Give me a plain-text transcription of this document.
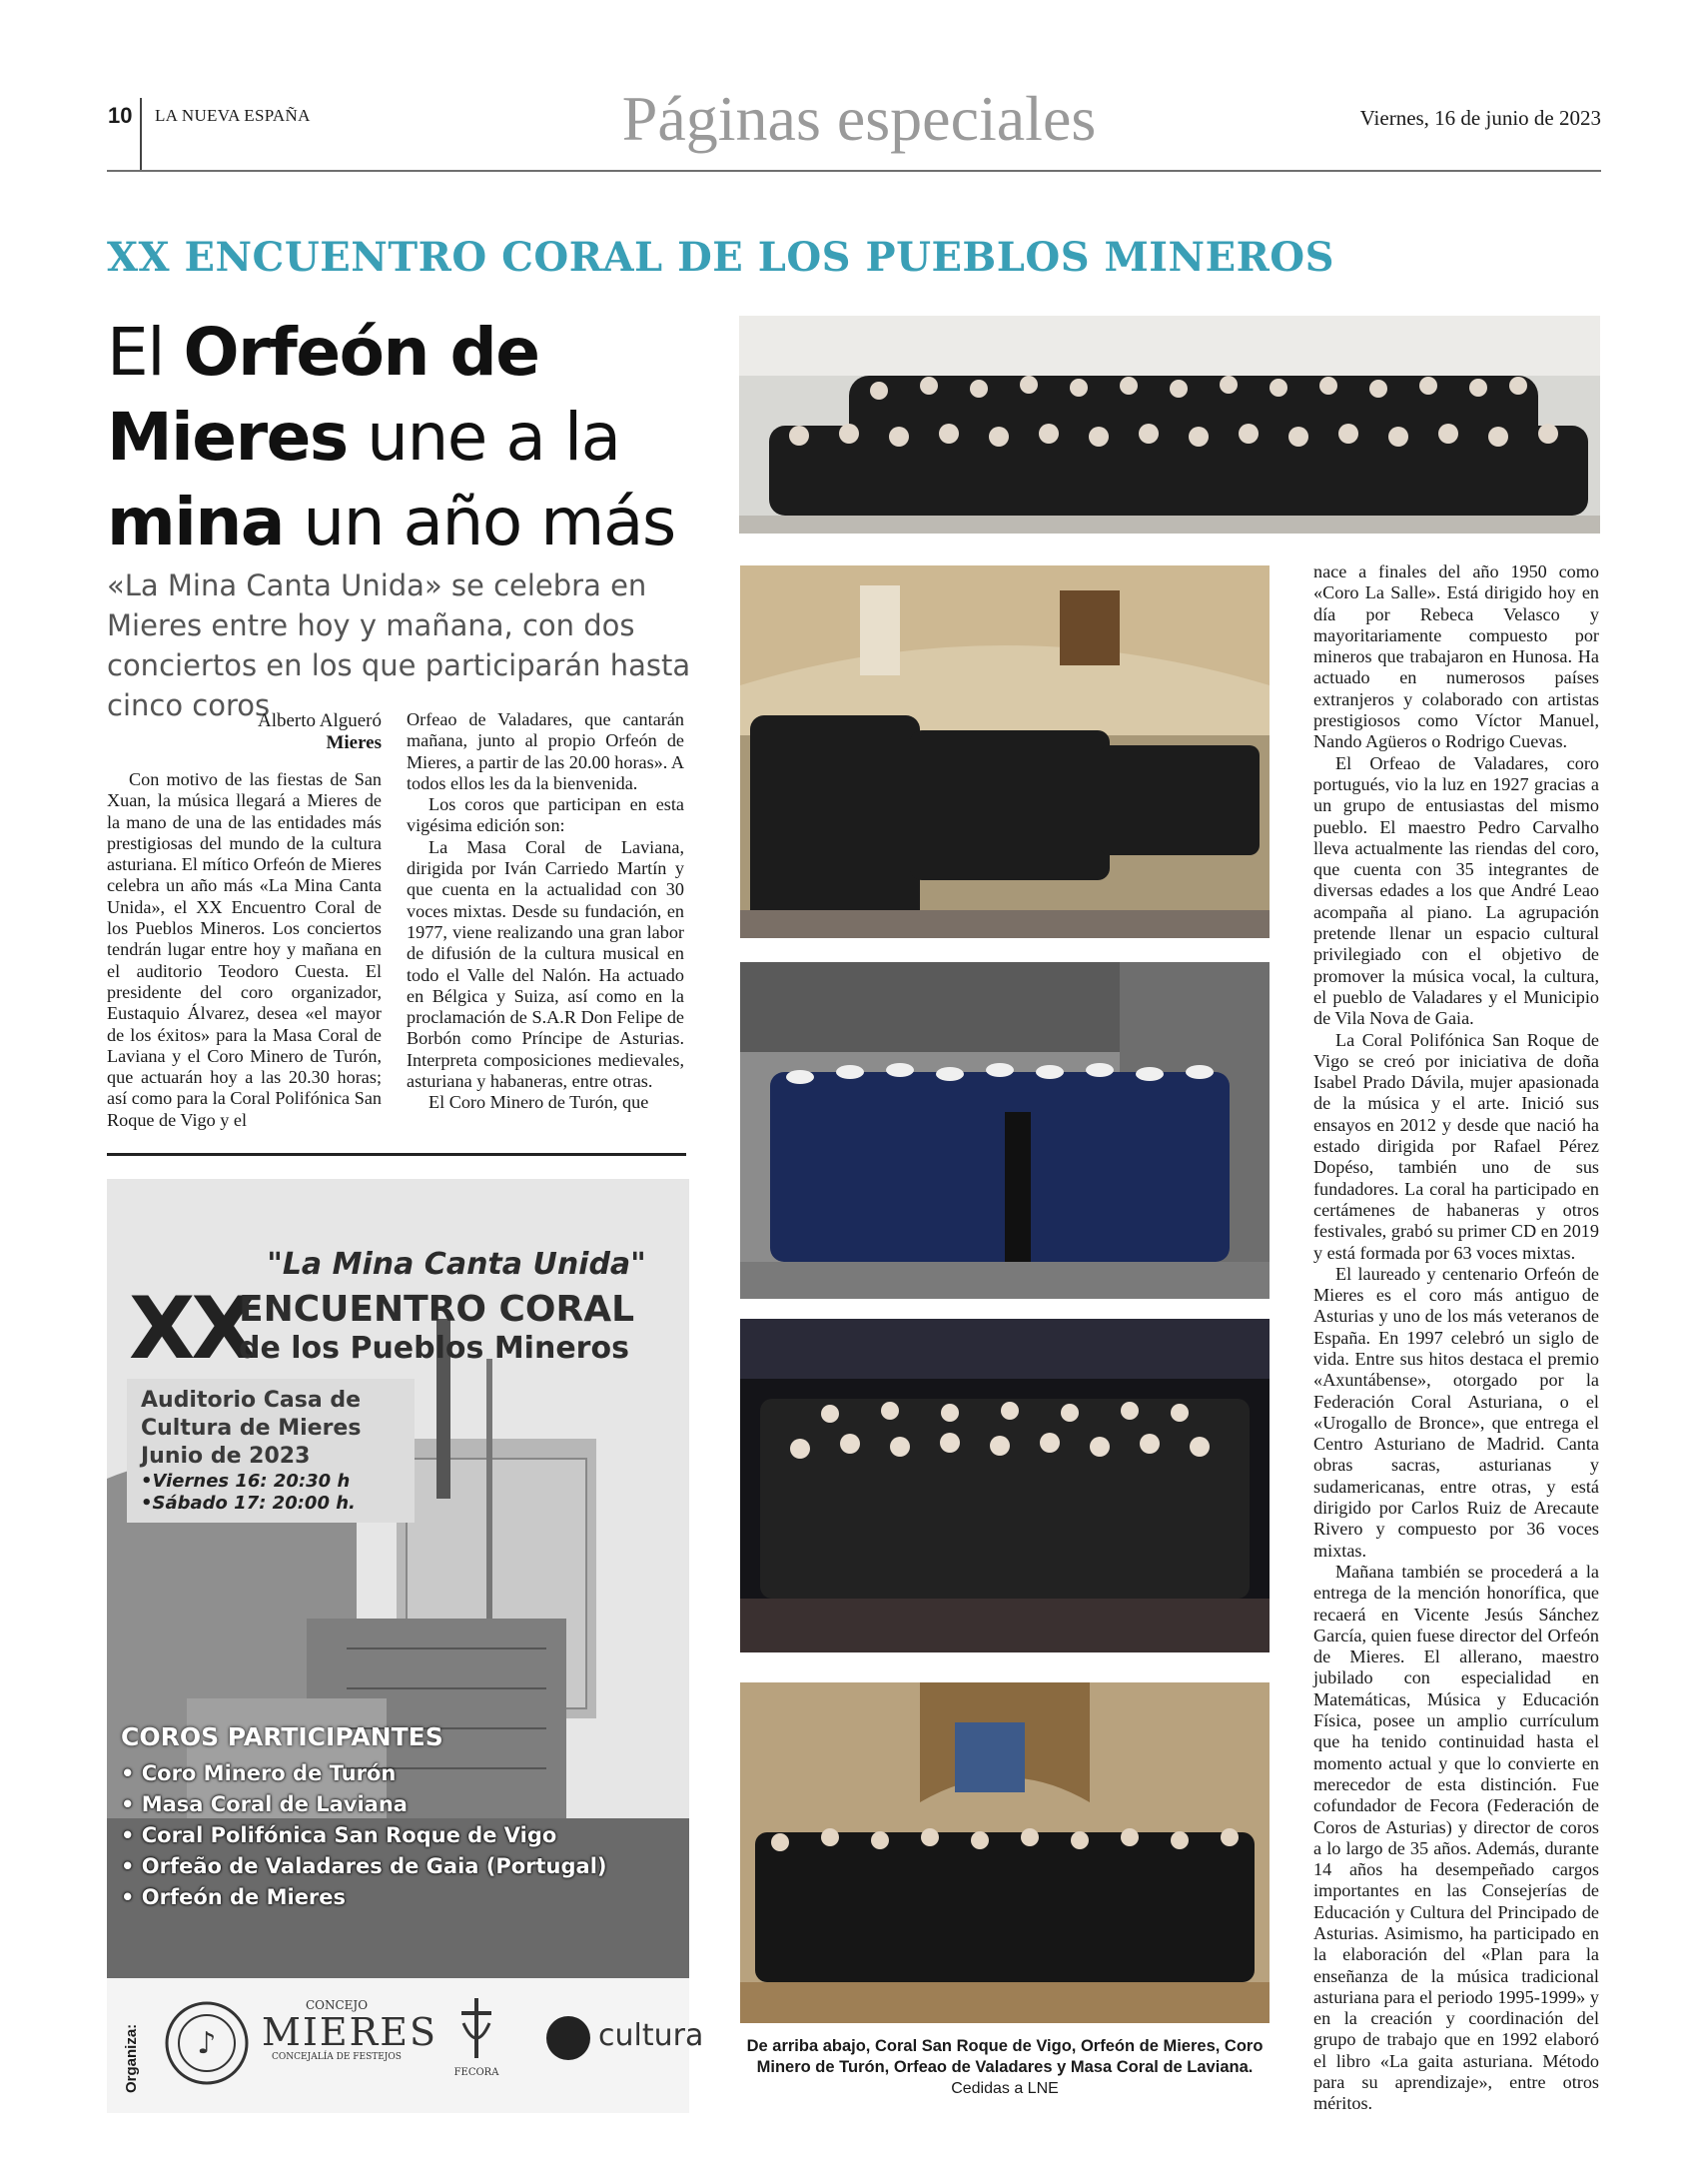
10 LA NUEVA ESPAÑA	Páginas especiales	Viernes, 16 de junio de 2023
XX ENCUENTRO CORAL DE LOS PUEBLOS MINEROS
El Orfeón de
Mieres une a la
mina un año más
«La Mina Canta Unida» se celebra en Mieres entre hoy y mañana, con dos conciertos en los que participarán hasta cinco coros
Alberto Algueró
Mieres

Con motivo de las fiestas de San Xuan, la música llegará a Mieres de la mano de una de las entidades más prestigiosas del mundo de la cultura asturiana. El mítico Orfeón de Mieres celebra un año más «La Mina Canta Unida», el XX Encuentro Coral de los Pueblos Mineros. Los conciertos tendrán lugar entre hoy y mañana en el auditorio Teodoro Cuesta. El presidente del coro organizador, Eustaquio Álvarez, desea «el mayor de los éxitos» para la Masa Coral de Laviana y el Coro Minero de Turón, que actuarán hoy a las 20.30 horas; así como para la Coral Polifónica San Roque de Vigo y el

Orfeao de Valadares, que cantarán mañana, junto al propio Orfeón de Mieres, a partir de las 20.00 horas». A todos ellos les da la bienvenida.

Los coros que participan en esta vigésima edición son:

La Masa Coral de Laviana, dirigida por Iván Carriedo Martín y que cuenta en la actualidad con 30 voces mixtas. Desde su fundación, en 1977, viene realizando una gran labor de difusión de la cultura musical en todo el Valle del Nalón. Ha actuado en Bélgica y Suiza, así como en la proclamación de S.A.R Don Felipe de Borbón como Príncipe de Asturias. Interpreta composiciones medievales, asturiana y habaneras, entre otras.

El Coro Minero de Turón, que

nace a finales del año 1950 como «Coro La Salle». Está dirigido hoy en día por Rebeca Velasco y mayoritariamente compuesto por mineros que trabajaron en Hunosa. Ha actuado en numerosos países extranjeros y colaborado con artistas prestigiosos como Víctor Manuel, Nando Agüeros o Rodrigo Cuevas.

El Orfeao de Valadares, coro portugués, vio la luz en 1927 gracias a un grupo de entusiastas del mismo pueblo. El maestro Pedro Carvalho lleva actualmente las riendas del coro, que cuenta con 35 integrantes de diversas edades a los que André Leao acompaña al piano. La agrupación pretende llenar un espacio cultural privilegiado con el objetivo de promover la música vocal, la cultura, el pueblo de Valadares y el Municipio de Vila Nova de Gaia.

La Coral Polifónica San Roque de Vigo se creó por iniciativa de doña Isabel Prado Dávila, mujer apasionada de la música y el arte. Inició sus ensayos en 2012 y desde que nació ha estado dirigida por Rafael Pérez Dopéso, también uno de sus fundadores. La coral ha participado en certámenes de habaneras y otros festivales, grabó su primer CD en 2019 y está formada por 63 voces mixtas.

El laureado y centenario Orfeón de Mieres es el coro más antiguo de Asturias y uno de los más veteranos de España. En 1997 celebró un siglo de vida. Entre sus hitos destaca el premio «Axuntábense», otorgado por la Federación Coral Asturiana, o el «Urogallo de Bronce», que entrega el Centro Asturiano de Madrid. Canta obras sacras, asturianas y sudamericanas, entre otras, y está dirigido por Carlos Ruiz de Arecaute Rivero y compuesto por 36 voces mixtas.

Mañana también se procederá a la entrega de la mención honorífica, que recaerá en Vicente Jesús Sánchez García, quien fuese director del Orfeón de Mieres. El allerano, maestro jubilado con especialidad en Matemáticas, Música y Educación Física, posee un amplio currículum que ha tenido continuidad hasta el momento actual y que lo convierte en merecedor de esta distinción. Fue cofundador de Fecora (Federación de Coros de Asturias) y director de coros a lo largo de 35 años. Además, durante 14 años ha desempeñado cargos importantes en las Consejerías de Educación y Cultura del Principado de Asturias. Asimismo, ha participado en la elaboración del «Plan para la enseñanza de la música tradicional asturiana para el periodo 1995-1999» y en la creación y coordinación del grupo de trabajo que en 1992 elaboró el libro «La gaita asturiana. Método para su aprendizaje», entre otros méritos.

De arriba abajo, Coral San Roque de Vigo, Orfeón de Mieres, Coro Minero de Turón, Orfeao de Valadares y Masa Coral de Laviana.
Cedidas a LNE
"La Mina Canta Unida"
XX
ENCUENTRO CORAL
de los Pueblos Mineros
Auditorio Casa de
Cultura de Mieres
Junio de 2023
•Viernes 16: 20:30 h
•Sábado 17: 20:00 h.
COROS PARTICIPANTES
• Coro Minero de Turón
• Masa Coral de Laviana
• Coral Polifónica San Roque de Vigo
• Orfeão de Valadares de Gaia (Portugal)
• Orfeón de Mieres
Organiza: ♪
CONCEJO
MIERES
CONCEJALÍA DE FESTEJOS
FECORA
cultura
